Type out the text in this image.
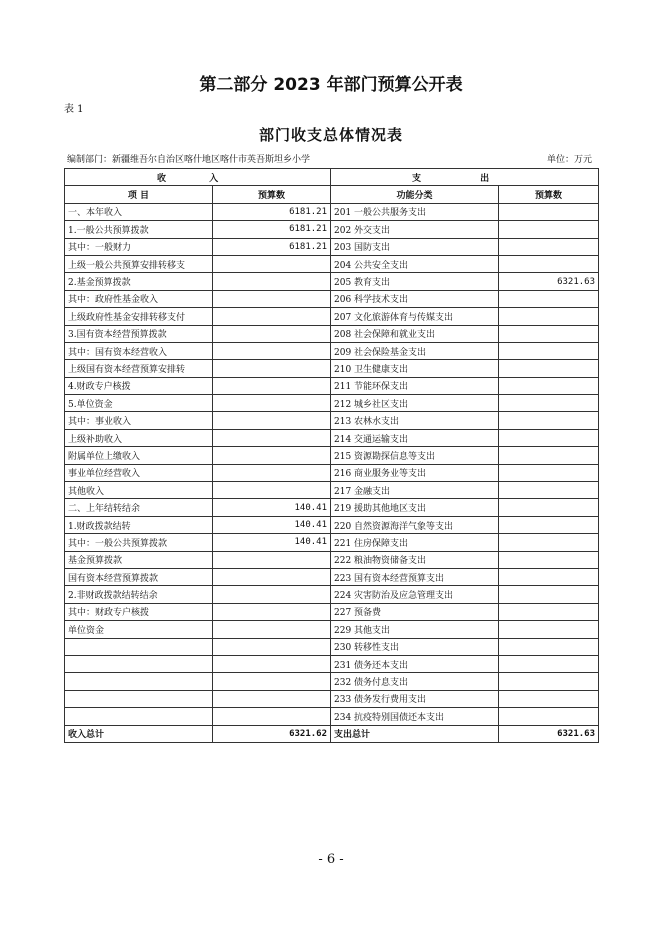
第二部分 2023 年部门预算公开表
表 1
部门收支总体情况表
编制部门：新疆维吾尔自治区喀什地区喀什市英吾斯坦乡小学	单位：万元
收 入		支 出	
项 目	预算数	功能分类	预算数
一、本年收入	6181.21	201 一般公共服务支出	
1.一般公共预算拨款	6181.21	202 外交支出	
其中：一般财力	6181.21	203 国防支出	
上级一般公共预算安排转移支		204 公共安全支出	
2.基金预算拨款		205 教育支出	6321.63
其中：政府性基金收入		206 科学技术支出	
上级政府性基金安排转移支付		207 文化旅游体育与传媒支出	
3.国有资本经营预算拨款		208 社会保障和就业支出	
其中：国有资本经营收入		209 社会保险基金支出	
上级国有资本经营预算安排转		210 卫生健康支出	
4.财政专户核拨		211 节能环保支出	
5.单位资金		212 城乡社区支出	
其中：事业收入		213 农林水支出	
上级补助收入		214 交通运输支出	
附属单位上缴收入		215 资源勘探信息等支出	
事业单位经营收入		216 商业服务业等支出	
其他收入		217 金融支出	
二、上年结转结余	140.41	219 援助其他地区支出	
1.财政拨款结转	140.41	220 自然资源海洋气象等支出	
其中：一般公共预算拨款	140.41	221 住房保障支出	
基金预算拨款		222 粮油物资储备支出	
国有资本经营预算拨款		223 国有资本经营预算支出	
2.非财政拨款结转结余		224 灾害防治及应急管理支出	
其中：财政专户核拨		227 预备费	
单位资金		229 其他支出	
		230 转移性支出	
		231 债务还本支出	
		232 债务付息支出	
		233 债务发行费用支出	
		234 抗疫特别国债还本支出	
收入总计	6321.62	支出总计	6321.63
- 6 -
